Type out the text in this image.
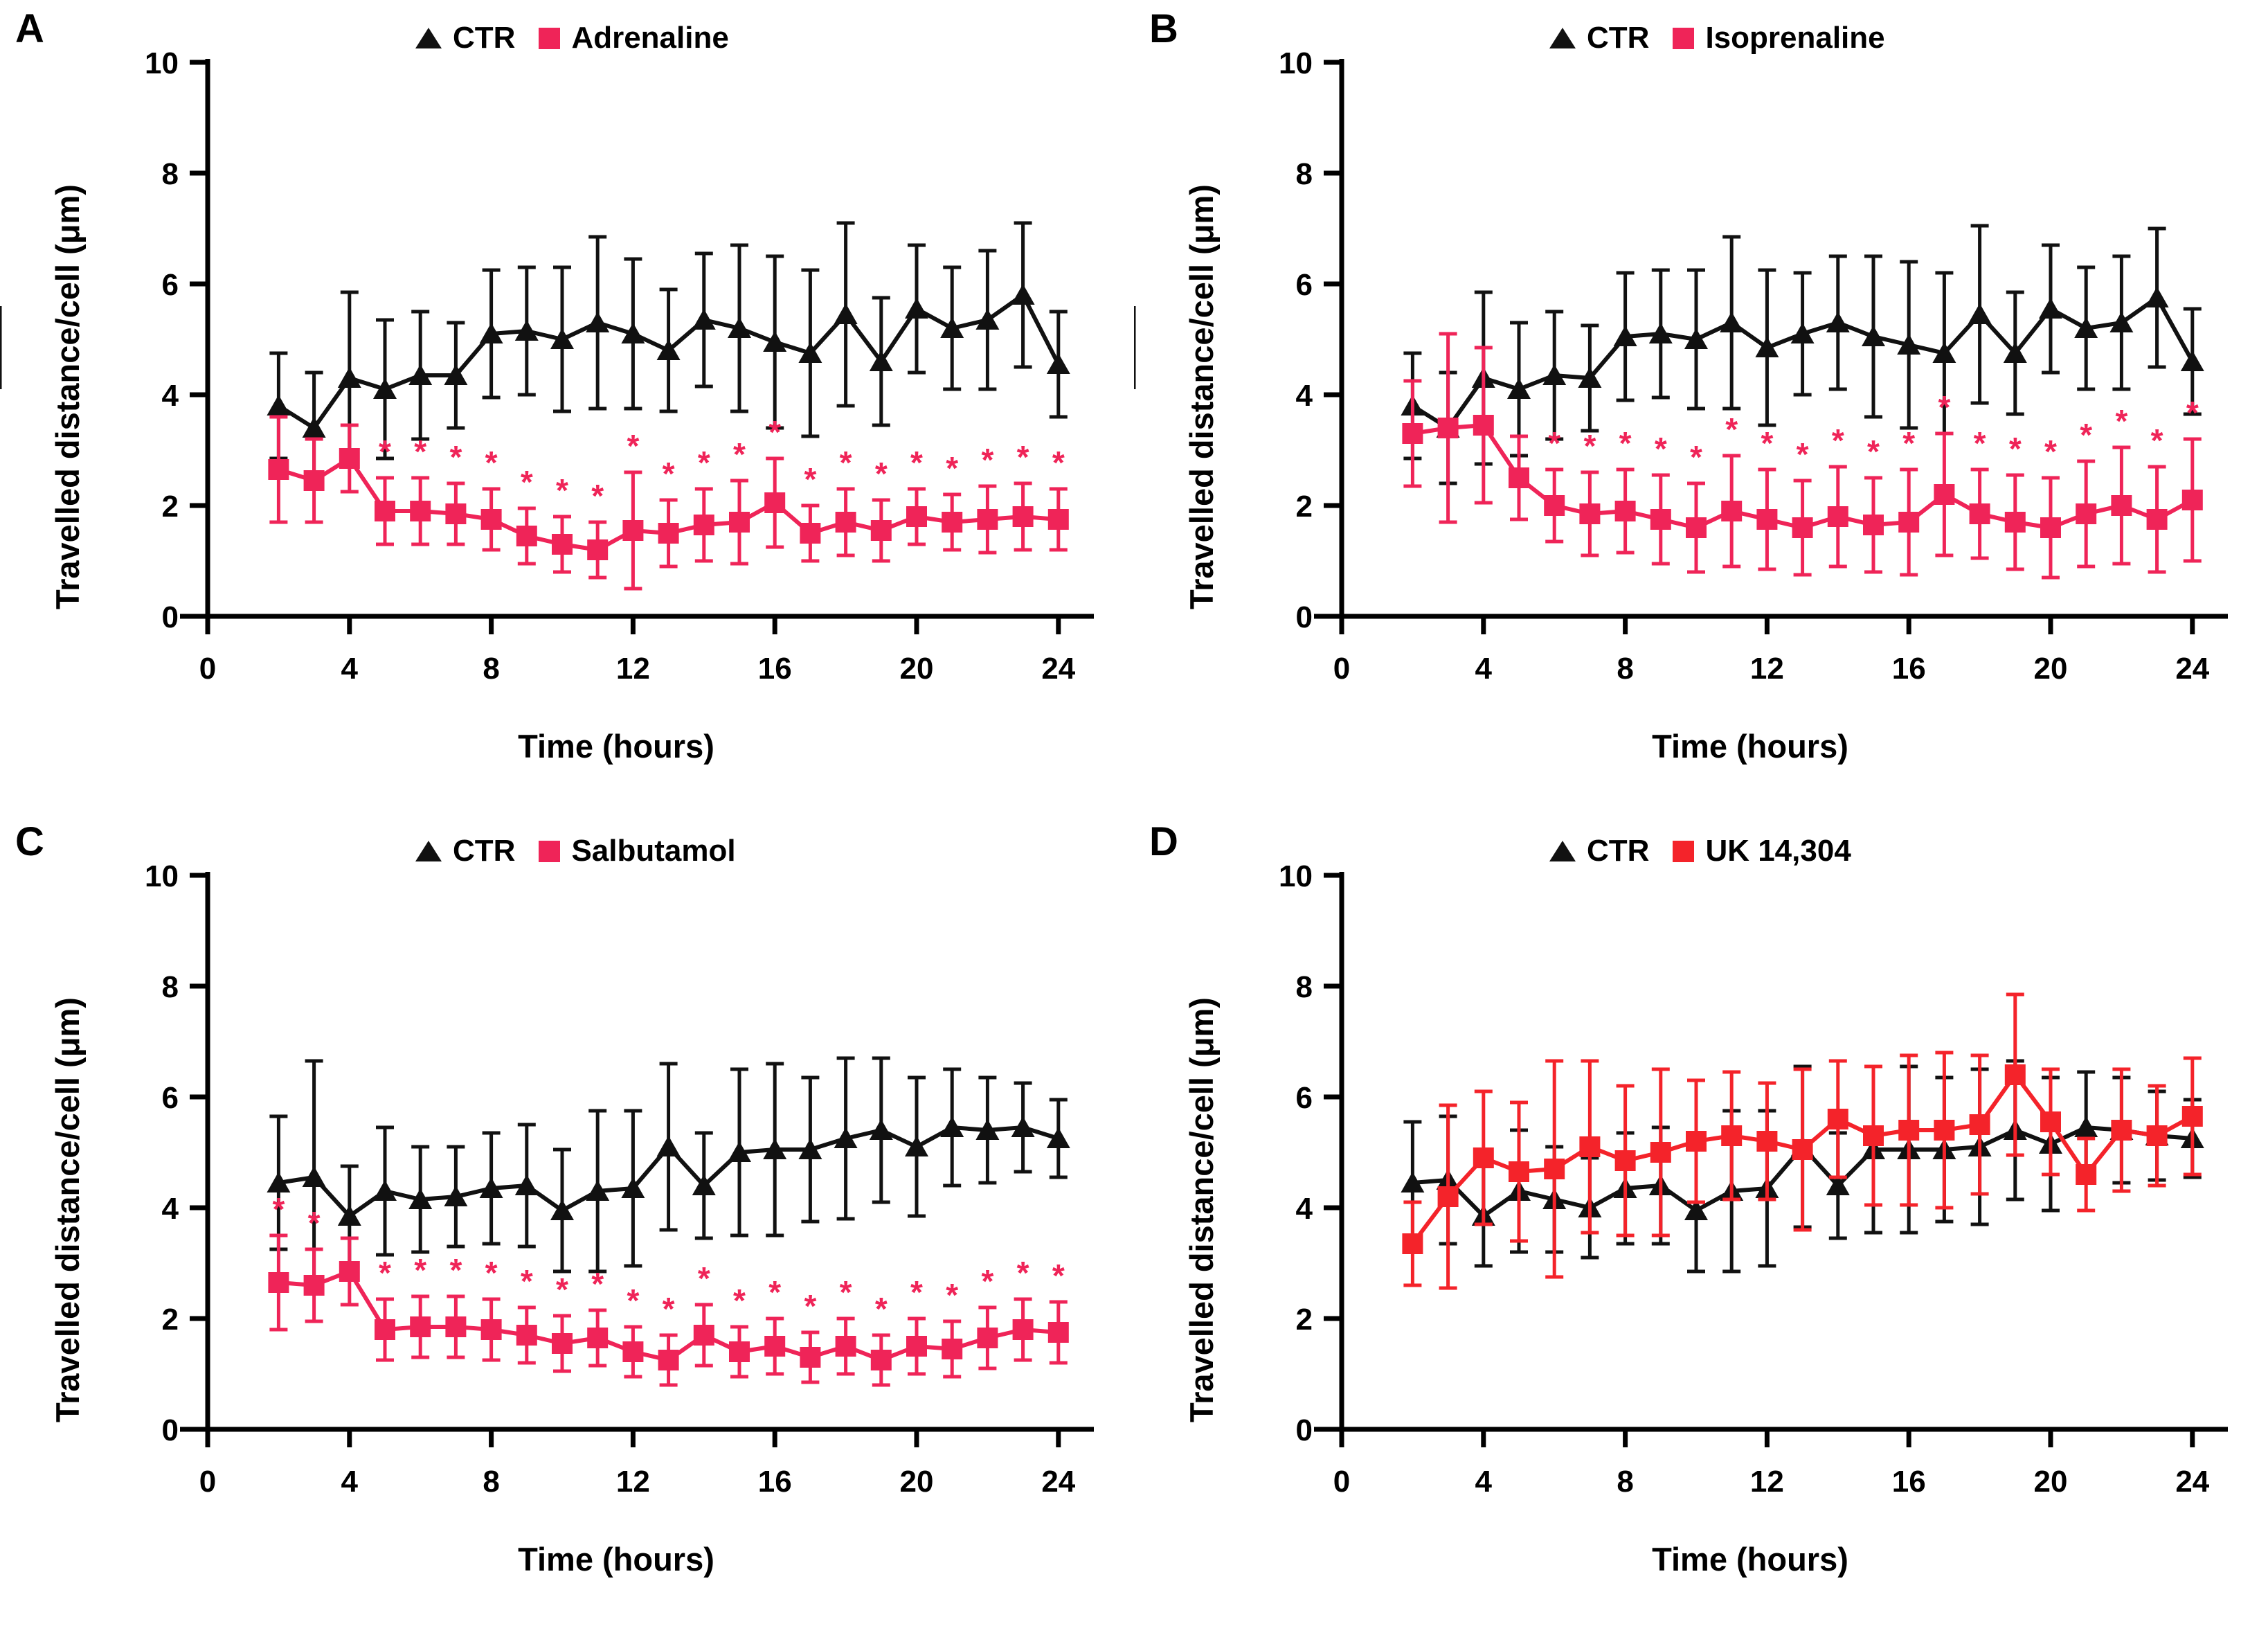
A	CTR Adrenaline
Travelled distance/cell (μm)
Time (hours)
0
2
4
6
8
10
0	4	8	12	16	20	24
* * * *
* * *
*
* * *
*
* * * * * * * *
B	CTR Isoprenaline
Travelled distance/cell (μm)
Time (hours)
0
2
4
6
8
10
0	4	8	12	16	20	24
* * * * *
* * * * * *
*
* * * * *
*
*
C	CTR Salbutamol
Travelled distance/cell (μm)
Time (hours)
0
2
4
6
8
10
0	4	8	12	16	20	24
* *
* * * * * * * * *
*
* * * * * * * * * *
D	CTR UK 14,304
Travelled distance/cell (μm)
Time (hours)
0
2
4
6
8
10
0	4	8	12	16	20	24
